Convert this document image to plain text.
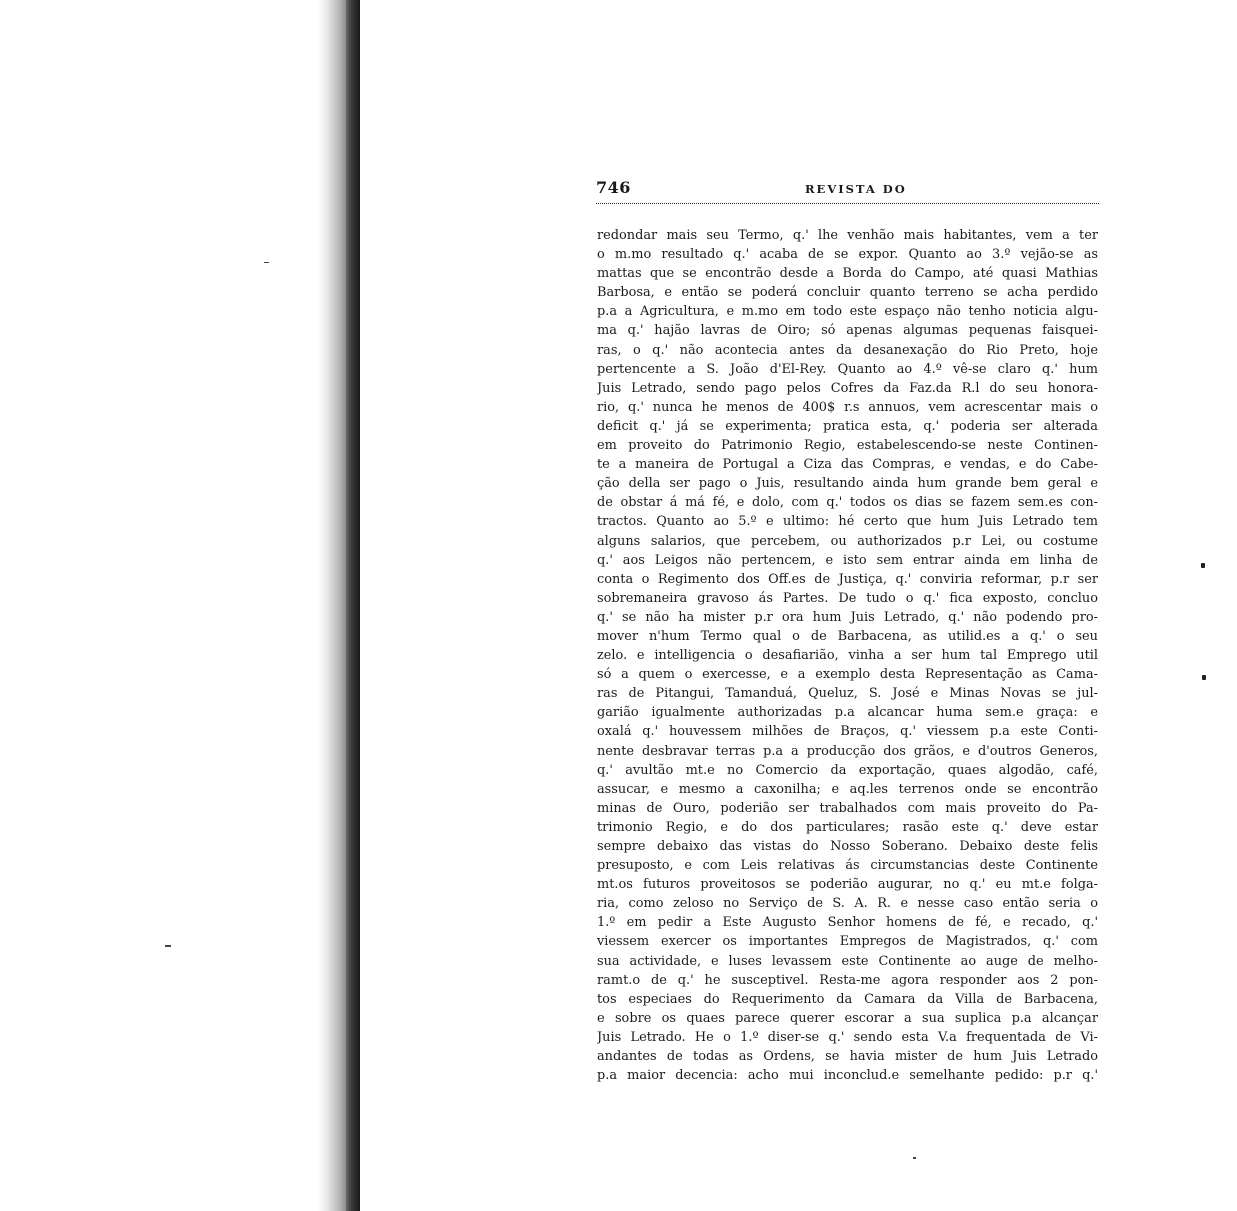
746	REVISTA DO
redondar mais seu Termo, q.' lhe venhão mais habitantes, vem a ter
o m.mo resultado q.' acaba de se expor. Quanto ao 3.º vejão-se as
mattas que se encontrão desde a Borda do Campo, até quasi Mathias
Barbosa, e então se poderá concluir quanto terreno se acha perdido
p.a a Agricultura, e m.mo em todo este espaço não tenho noticia algu-
ma q.' hajão lavras de Oiro; só apenas algumas pequenas faisquei-
ras, o q.' não acontecia antes da desanexação do Rio Preto, hoje
pertencente a S. João d'El-Rey. Quanto ao 4.º vê-se claro q.' hum
Juis Letrado, sendo pago pelos Cofres da Faz.da R.l do seu honora-
rio, q.' nunca he menos de 400$ r.s annuos, vem acrescentar mais o
deficit q.' já se experimenta; pratica esta, q.' poderia ser alterada
em proveito do Patrimonio Regio, estabelescendo-se neste Continen-
te a maneira de Portugal a Ciza das Compras, e vendas, e do Cabe-
ção della ser pago o Juis, resultando ainda hum grande bem geral e
de obstar á má fé, e dolo, com q.' todos os dias se fazem sem.es con-
tractos. Quanto ao 5.º e ultimo: hé certo que hum Juis Letrado tem
alguns salarios, que percebem, ou authorizados p.r Lei, ou costume
q.' aos Leigos não pertencem, e isto sem entrar ainda em linha de
conta o Regimento dos Off.es de Justiça, q.' conviria reformar, p.r ser
sobremaneira gravoso ás Partes. De tudo o q.' fica exposto, concluo
q.' se não ha mister p.r ora hum Juis Letrado, q.' não podendo pro-
mover n'hum Termo qual o de Barbacena, as utilid.es a q.' o seu
zelo. e intelligencia o desafiarião, vinha a ser hum tal Emprego util
só a quem o exercesse, e a exemplo desta Representação as Cama-
ras de Pitangui, Tamanduá, Queluz, S. José e Minas Novas se jul-
garião igualmente authorizadas p.a alcancar huma sem.e graça: e
oxalá q.' houvessem milhões de Braços, q.' viessem p.a este Conti-
nente desbravar terras p.a a producção dos grãos, e d'outros Generos,
q.' avultão mt.e no Comercio da exportação, quaes algodão, café,
assucar, e mesmo a caxonilha; e aq.les terrenos onde se encontrão
minas de Ouro, poderião ser trabalhados com mais proveito do Pa-
trimonio Regio, e do dos particulares; rasão este q.' deve estar
sempre debaixo das vistas do Nosso Soberano. Debaixo deste felis
presuposto, e com Leis relativas ás circumstancias deste Continente
mt.os futuros proveitosos se poderião augurar, no q.' eu mt.e folga-
ria, como zeloso no Serviço de S. A. R. e nesse caso então seria o
1.º em pedir a Este Augusto Senhor homens de fé, e recado, q.'
viessem exercer os importantes Empregos de Magistrados, q.' com
sua actividade, e luses levassem este Continente ao auge de melho-
ramt.o de q.' he susceptivel. Resta-me agora responder aos 2 pon-
tos especiaes do Requerimento da Camara da Villa de Barbacena,
e sobre os quaes parece querer escorar a sua suplica p.a alcançar
Juis Letrado. He o 1.º diser-se q.' sendo esta V.a frequentada de Vi-
andantes de todas as Ordens, se havia mister de hum Juis Letrado
p.a maior decencia: acho mui inconclud.e semelhante pedido: p.r q.'
